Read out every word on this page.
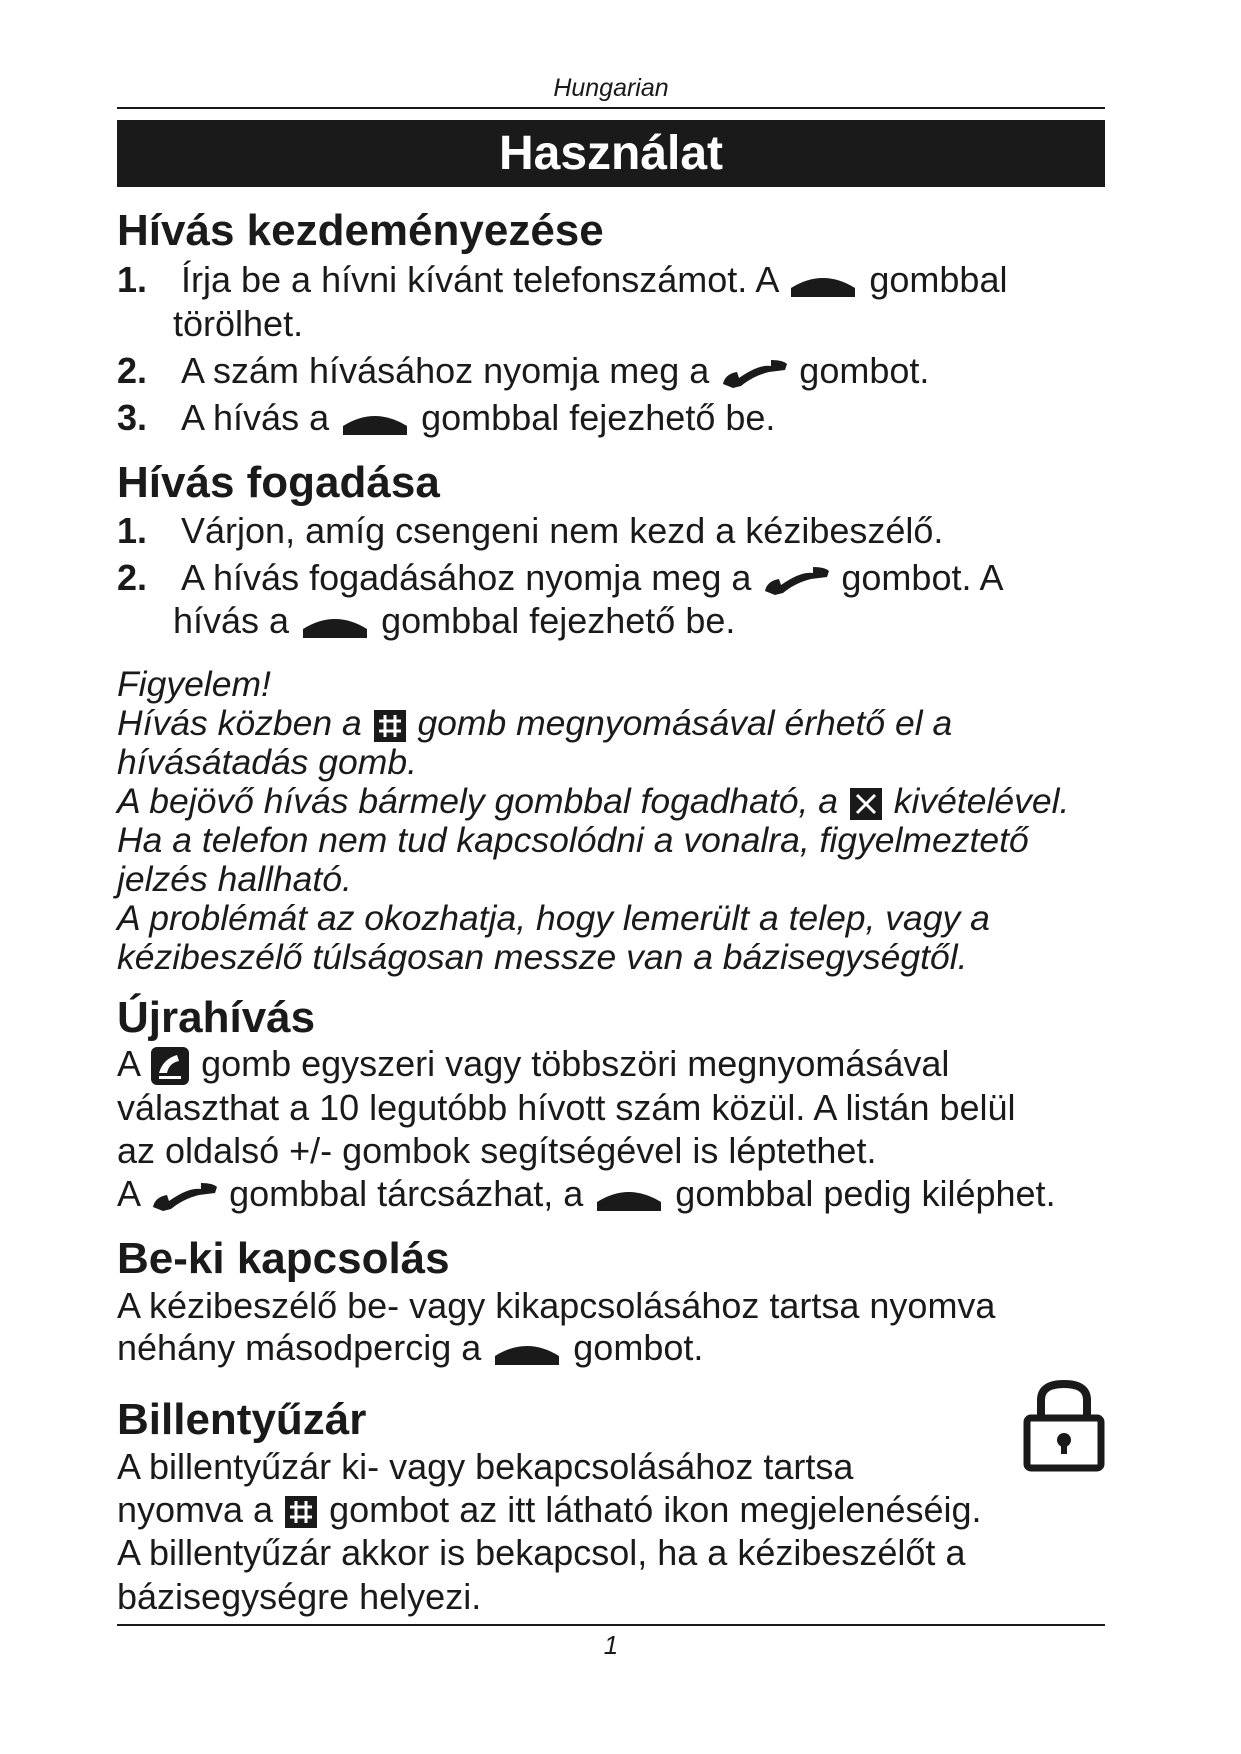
Hungarian
Használat
Hívás kezdeményezése
1. Írja be a hívni kívánt telefonszámot. A	gombbal
törölhet.
2. A szám hívásához nyomja meg a	gombot.
3. A hívás a	gombbal fejezhető be.
Hívás fogadása
1. Várjon, amíg csengeni nem kezd a kézibeszélő.
2. A hívás fogadásához nyomja meg a	gombot. A
hívás a	gombbal fejezhető be.
Figyelem!
Hívás közben a gomb megnyomásával érhető el a
hívásátadás gomb.
A bejövő hívás bármely gombbal fogadható, a kivételével.
Ha a telefon nem tud kapcsolódni a vonalra, figyelmeztető
jelzés hallható.
A problémát az okozhatja, hogy lemerült a telep, vagy a
kézibeszélő túlságosan messze van a bázisegységtől.
Újrahívás
A gomb egyszeri vagy többszöri megnyomásával
választhat a 10 legutóbb hívott szám közül. A listán belül
az oldalsó +/- gombok segítségével is léptethet.
A	gombbal tárcsázhat, a	gombbal pedig kiléphet.
Be-ki kapcsolás
A kézibeszélő be- vagy kikapcsolásához tartsa nyomva
néhány másodpercig a	gombot.
Billentyűzár
A billentyűzár ki- vagy bekapcsolásához tartsa
nyomva a gombot az itt látható ikon megjelenéséig.
A billentyűzár akkor is bekapcsol, ha a kézibeszélőt a
bázisegységre helyezi.
1
